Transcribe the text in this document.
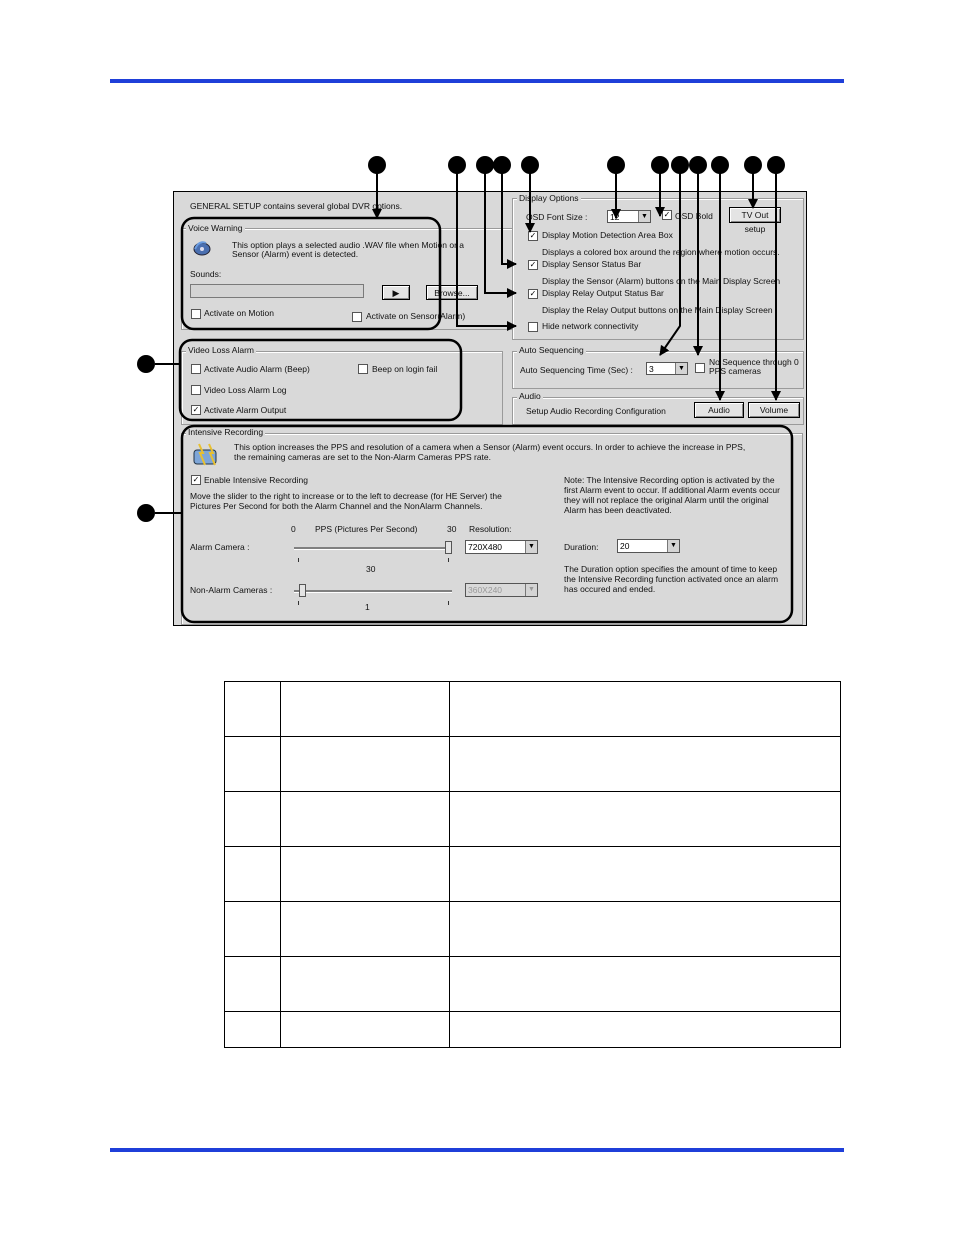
GENERAL SETUP contains several global DVR options.
Voice Warning
This option plays a selected audio .WAV file when Motion or a
Sensor (Alarm) event is detected.
Sounds:
▶	Browse...
Activate on Motion	Activate on Sensor(Alarm)
Display Options
OSD Font Size :	12	▼ ✓ OSD Bold	TV Out setup
✓ Display Motion Detection Area Box
Displays a colored box around the region where motion occurs.
✓ Display Sensor Status Bar
Display the Sensor (Alarm) buttons on the Main Display Screen
✓ Display Relay Output Status Bar
Display the Relay Output buttons on the Main Display Screen
Hide network connectivity
Video Loss Alarm
Activate Audio Alarm (Beep)	Beep on login fail
Video Loss Alarm Log
✓ Activate Alarm Output
Auto Sequencing
Auto Sequencing Time (Sec) :	3	▼
No Sequence through 0 PPS cameras
Audio
Setup Audio Recording Configuration	Audio	Volume
Intensive Recording
This option increases the PPS and resolution of a camera when a Sensor (Alarm) event occurs. In order to achieve the increase in PPS,
the remaining cameras are set to the Non-Alarm Cameras PPS rate.
✓ Enable Intensive Recording
Move the slider to the right to increase or to the left to decrease (for HE Server) the
Pictures Per Second for both the Alarm Channel and the NonAlarm Channels.
0 PPS (Pictures Per Second)	30 Resolution:
Alarm Camera :
30
720X480	▼
Non-Alarm Cameras :
1
360X240	▼
Note: The Intensive Recording option is activated by the
first Alarm event to occur. If additional Alarm events occur
they will not replace the original Alarm until the original
Alarm has been deactivated.
Duration:	20	▼
The Duration option specifies the amount of time to keep
the Intensive Recording function activated once an alarm
has occured and ended.
